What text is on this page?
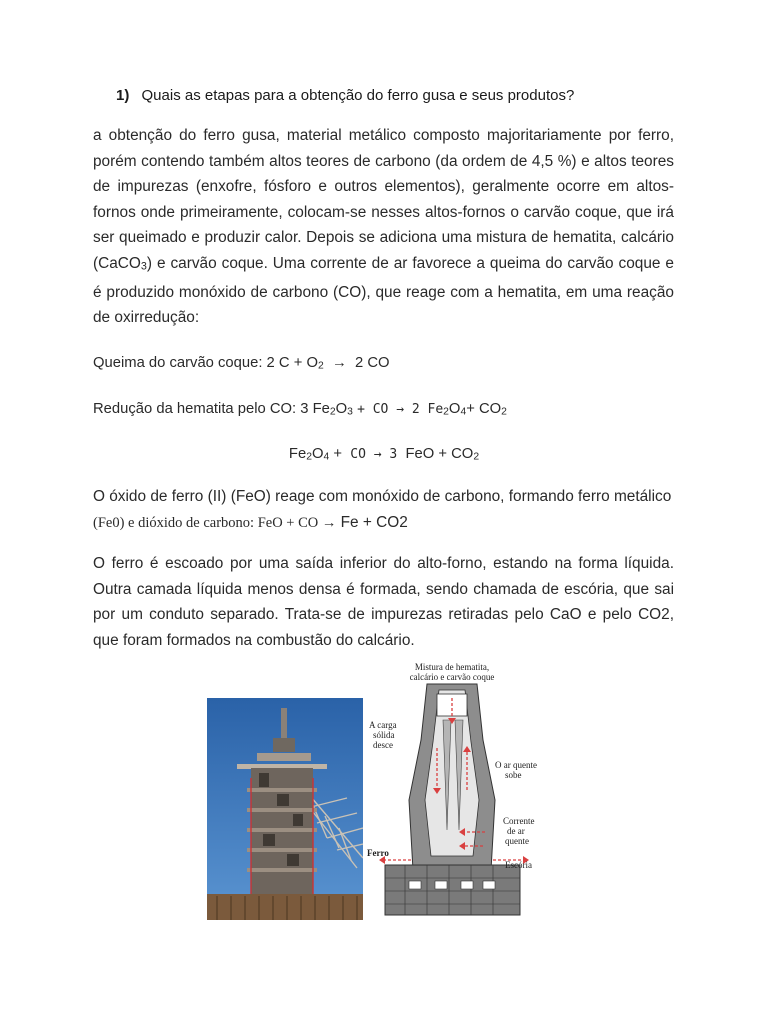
1) Quais as etapas para a obtenção do ferro gusa e seus produtos?
a obtenção do ferro gusa, material metálico composto majoritariamente por ferro, porém contendo também altos teores de carbono (da ordem de 4,5 %) e altos teores de impurezas (enxofre, fósforo e outros elementos), geralmente ocorre em altos-fornos onde primeiramente, colocam-se nesses altos-fornos o carvão coque, que irá ser queimado e produzir calor. Depois se adiciona uma mistura de hematita, calcário (CaCO$_3$) e carvão coque. Uma corrente de ar favorece a queima do carvão coque e é produzido monóxido de carbono (CO), que reage com a hematita, em uma reação de oxirredução:
Queima do carvão coque: 2 $C + O_2 \to 2$ CO
Redução da hematita pelo CO: 3 $Fe_2O_3$ + CO → 2 $Fe_2O_4+ CO_2$
$Fe_2O_4$ + CO → 3 FeO + $CO_2$
O óxido de ferro (II) (FeO) reage com monóxido de carbono, formando ferro metálico
(Fe0) e dióxido de carbono: FeO + CO → Fe + CO2
O ferro é escoado por uma saída inferior do alto-forno, estando na forma líquida. Outra camada líquida menos densa é formada, sendo chamada de escória, que sai por um conduto separado. Trata-se de impurezas retiradas pelo CaO e pelo CO2, que foram formados na combustão do calcário.
Mistura de hematita,
calcário e carvão coque
A carga
sólida
desce
O ar quente
sobe
Corrente
de ar
quente
Ferro
Escória
